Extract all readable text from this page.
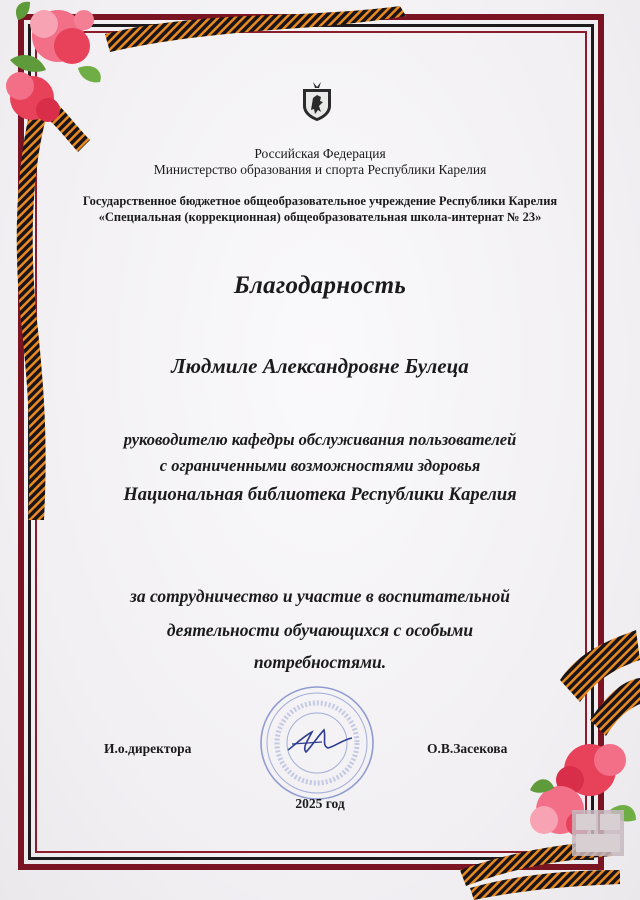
Российская Федерация
Министерство образования и спорта Республики Карелия
Государственное бюджетное общеобразовательное учреждение Республики Карелия
«Специальная (коррекционная) общеобразовательная школа-интернат № 23»
Благодарность
Людмиле Александровне Булеца
руководителю кафедры обслуживания пользователей
с ограниченными возможностями здоровья
Национальная библиотека Республики Карелия
за сотрудничество и участие в воспитательной
деятельности обучающихся с особыми
потребностями.
И.о.директора	О.В.Засекова
2025 год
